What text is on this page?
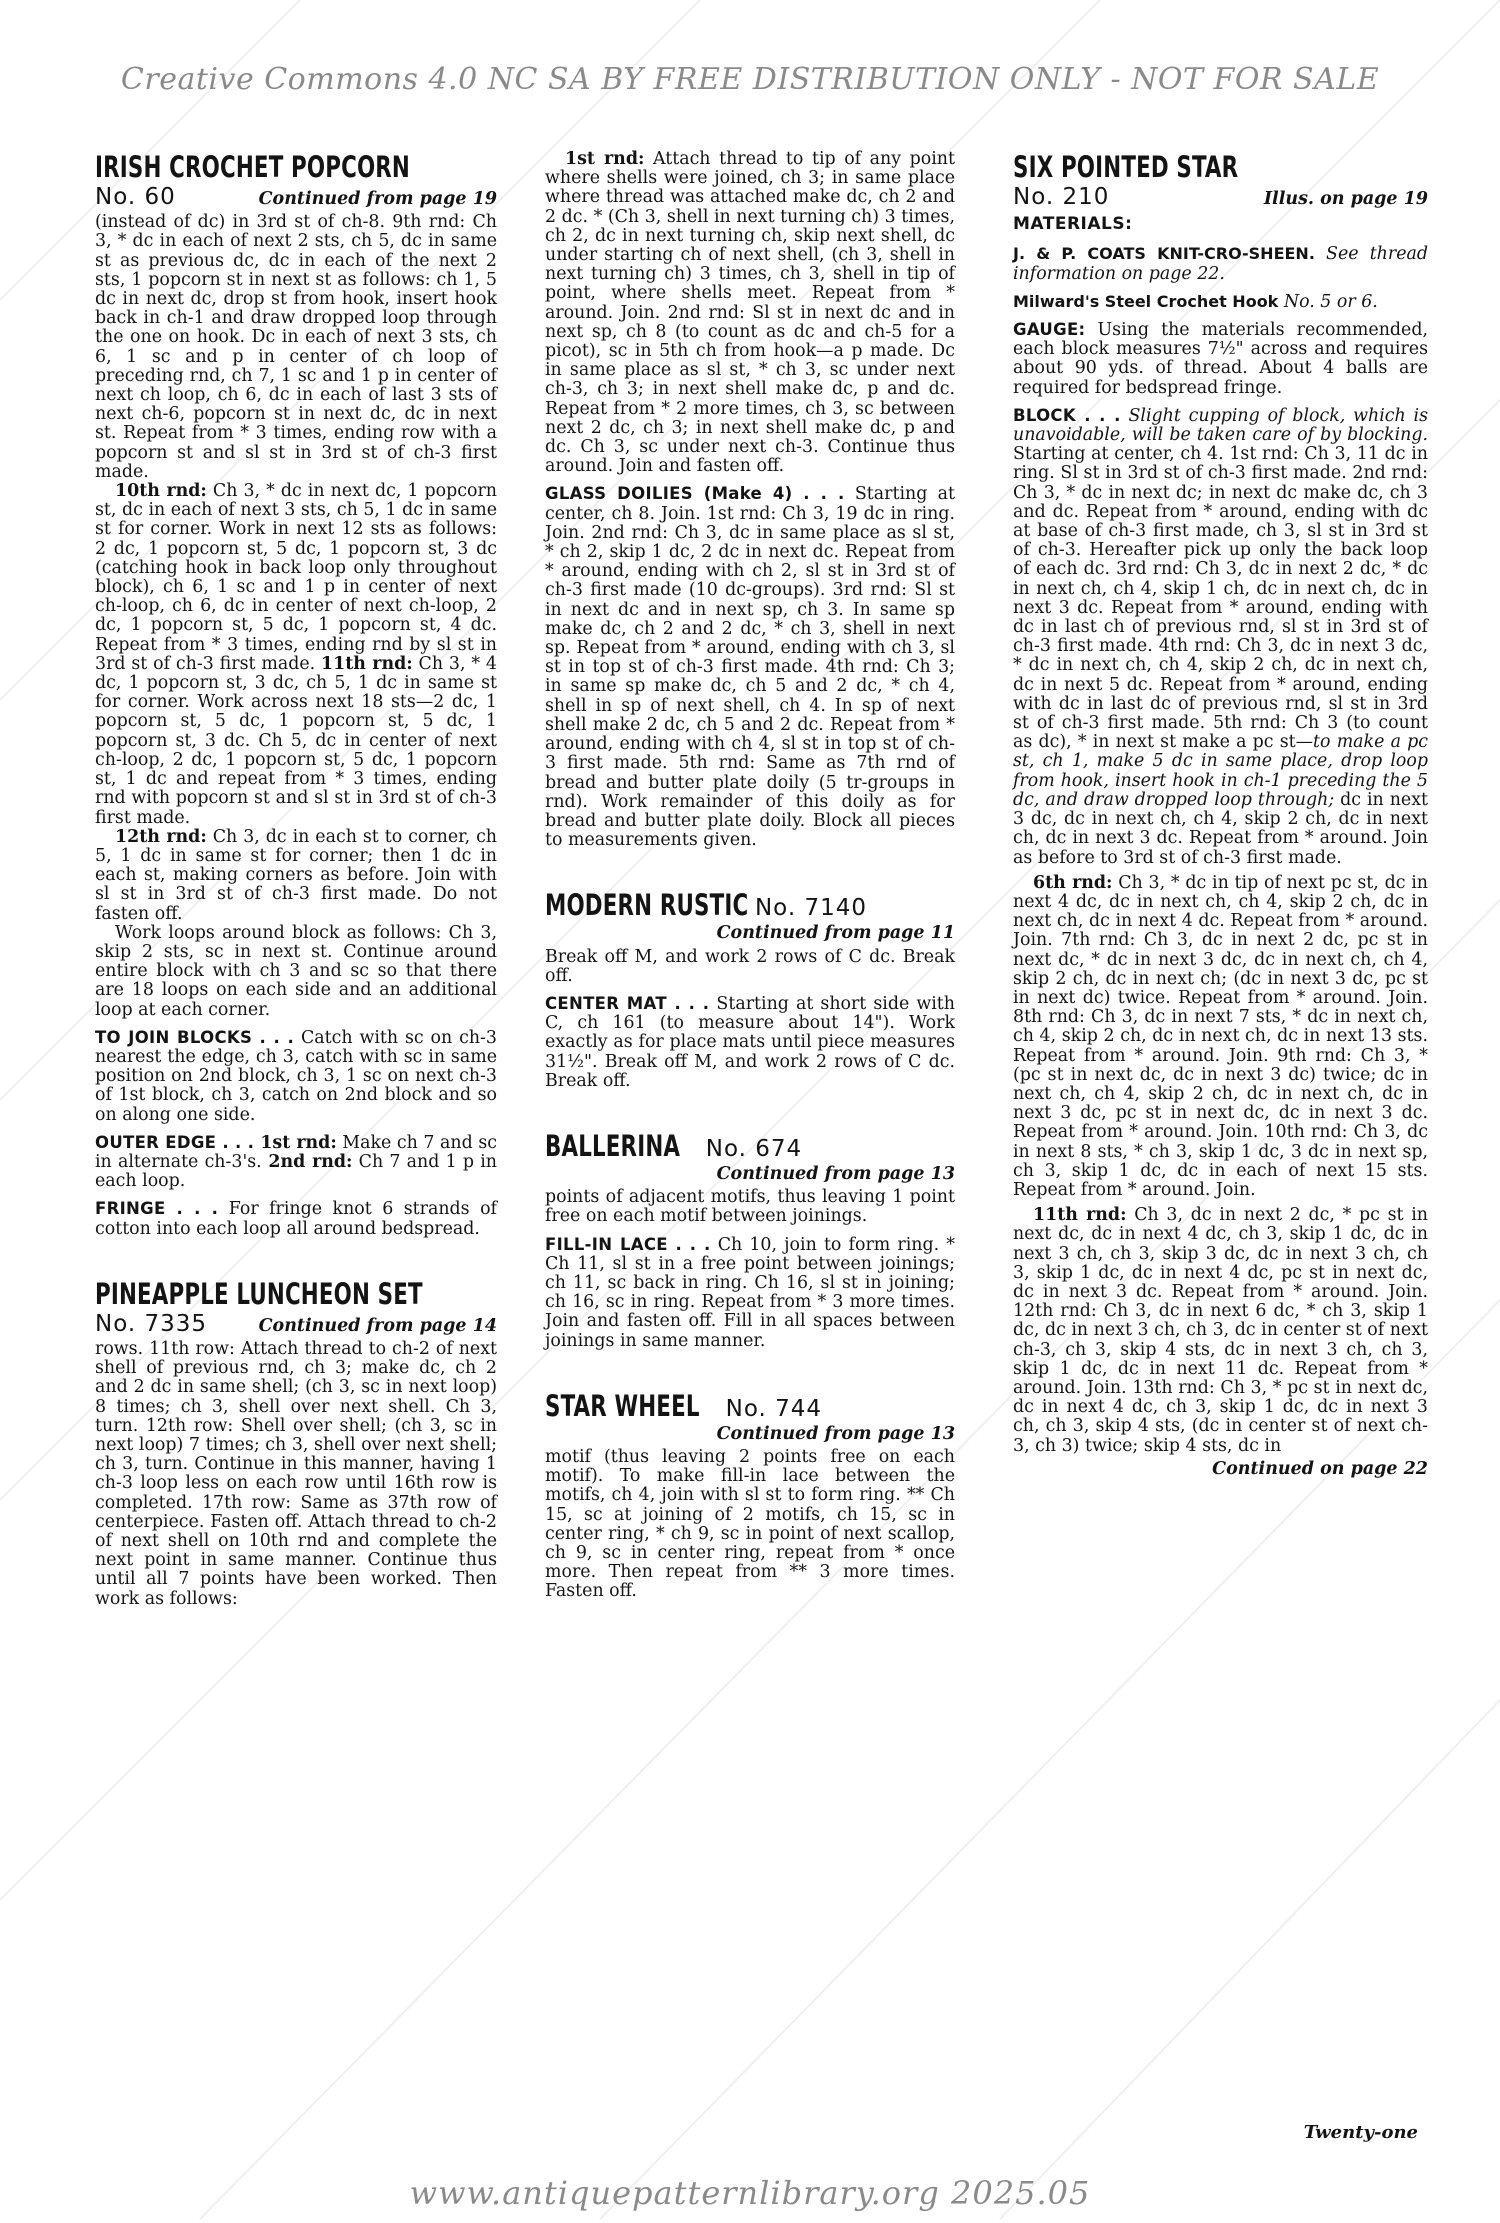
Creative Commons 4.0 NC SA BY FREE DISTRIBUTION ONLY - NOT FOR SALE
IRISH CROCHET POPCORN
No. 60	Continued from page 19

(instead of dc) in 3rd st of ch-8. 9th rnd: Ch 3, * dc in each of next 2 sts, ch 5, dc in same st as previous dc, dc in each of the next 2 sts, 1 popcorn st in next st as follows: ch 1, 5 dc in next dc, drop st from hook, insert hook back in ch-1 and draw dropped loop through the one on hook. Dc in each of next 3 sts, ch 6, 1 sc and p in center of ch loop of preceding rnd, ch 7, 1 sc and 1 p in center of next ch loop, ch 6, dc in each of last 3 sts of next ch-6, popcorn st in next dc, dc in next st. Repeat from * 3 times, ending row with a popcorn st and sl st in 3rd st of ch-3 first made.

10th rnd: Ch 3, * dc in next dc, 1 popcorn st, dc in each of next 3 sts, ch 5, 1 dc in same st for corner. Work in next 12 sts as follows: 2 dc, 1 popcorn st, 5 dc, 1 popcorn st, 3 dc (catching hook in back loop only throughout block), ch 6, 1 sc and 1 p in center of next ch-loop, ch 6, dc in center of next ch-loop, 2 dc, 1 popcorn st, 5 dc, 1 popcorn st, 4 dc. Repeat from * 3 times, ending rnd by sl st in 3rd st of ch-3 first made. 11th rnd: Ch 3, * 4 dc, 1 popcorn st, 3 dc, ch 5, 1 dc in same st for corner. Work across next 18 sts—2 dc, 1 popcorn st, 5 dc, 1 popcorn st, 5 dc, 1 popcorn st, 3 dc. Ch 5, dc in center of next ch-loop, 2 dc, 1 popcorn st, 5 dc, 1 popcorn st, 1 dc and repeat from * 3 times, ending rnd with popcorn st and sl st in 3rd st of ch-3 first made.

12th rnd: Ch 3, dc in each st to corner, ch 5, 1 dc in same st for corner; then 1 dc in each st, making corners as before. Join with sl st in 3rd st of ch-3 first made. Do not fasten off.

Work loops around block as follows: Ch 3, skip 2 sts, sc in next st. Continue around entire block with ch 3 and sc so that there are 18 loops on each side and an additional loop at each corner.

TO JOIN BLOCKS . . . Catch with sc on ch-3 nearest the edge, ch 3, catch with sc in same position on 2nd block, ch 3, 1 sc on next ch-3 of 1st block, ch 3, catch on 2nd block and so on along one side.

OUTER EDGE . . . 1st rnd: Make ch 7 and sc in alternate ch-3's. 2nd rnd: Ch 7 and 1 p in each loop.

FRINGE . . . For fringe knot 6 strands of cotton into each loop all around bedspread.

PINEAPPLE LUNCHEON SET
No. 7335	Continued from page 14

rows. 11th row: Attach thread to ch-2 of next shell of previous rnd, ch 3; make dc, ch 2 and 2 dc in same shell; (ch 3, sc in next loop) 8 times; ch 3, shell over next shell. Ch 3, turn. 12th row: Shell over shell; (ch 3, sc in next loop) 7 times; ch 3, shell over next shell; ch 3, turn. Continue in this manner, having 1 ch-3 loop less on each row until 16th row is completed. 17th row: Same as 37th row of centerpiece. Fasten off. Attach thread to ch-2 of next shell on 10th rnd and complete the next point in same manner. Continue thus until all 7 points have been worked. Then work as follows:

1st rnd: Attach thread to tip of any point where shells were joined, ch 3; in same place where thread was attached make dc, ch 2 and 2 dc. * (Ch 3, shell in next turning ch) 3 times, ch 2, dc in next turning ch, skip next shell, dc under starting ch of next shell, (ch 3, shell in next turning ch) 3 times, ch 3, shell in tip of point, where shells meet. Repeat from * around. Join. 2nd rnd: Sl st in next dc and in next sp, ch 8 (to count as dc and ch-5 for a picot), sc in 5th ch from hook—a p made. Dc in same place as sl st, * ch 3, sc under next ch-3, ch 3; in next shell make dc, p and dc. Repeat from * 2 more times, ch 3, sc between next 2 dc, ch 3; in next shell make dc, p and dc. Ch 3, sc under next ch-3. Continue thus around. Join and fasten off.

GLASS DOILIES (Make 4) . . . Starting at center, ch 8. Join. 1st rnd: Ch 3, 19 dc in ring. Join. 2nd rnd: Ch 3, dc in same place as sl st, * ch 2, skip 1 dc, 2 dc in next dc. Repeat from * around, ending with ch 2, sl st in 3rd st of ch-3 first made (10 dc-groups). 3rd rnd: Sl st in next dc and in next sp, ch 3. In same sp make dc, ch 2 and 2 dc, * ch 3, shell in next sp. Repeat from * around, ending with ch 3, sl st in top st of ch-3 first made. 4th rnd: Ch 3; in same sp make dc, ch 5 and 2 dc, * ch 4, shell in sp of next shell, ch 4. In sp of next shell make 2 dc, ch 5 and 2 dc. Repeat from * around, ending with ch 4, sl st in top st of ch-3 first made. 5th rnd: Same as 7th rnd of bread and butter plate doily (5 tr-groups in rnd). Work remainder of this doily as for bread and butter plate doily. Block all pieces to measurements given.

MODERN RUSTIC No. 7140
Continued from page 11

Break off M, and work 2 rows of C dc. Break off.

CENTER MAT . . . Starting at short side with C, ch 161 (to measure about 14"). Work exactly as for place mats until piece measures 31½". Break off M, and work 2 rows of C dc. Break off.

BALLERINA No. 674
Continued from page 13

points of adjacent motifs, thus leaving 1 point free on each motif between joinings.

FILL-IN LACE . . . Ch 10, join to form ring. * Ch 11, sl st in a free point between joinings; ch 11, sc back in ring. Ch 16, sl st in joining; ch 16, sc in ring. Repeat from * 3 more times. Join and fasten off. Fill in all spaces between joinings in same manner.

STAR WHEEL No. 744
Continued from page 13

motif (thus leaving 2 points free on each motif). To make fill-in lace between the motifs, ch 4, join with sl st to form ring. ** Ch 15, sc at joining of 2 motifs, ch 15, sc in center ring, * ch 9, sc in point of next scallop, ch 9, sc in center ring, repeat from * once more. Then repeat from ** 3 more times. Fasten off.

SIX POINTED STAR
No. 210	Illus. on page 19
MATERIALS:

J. & P. COATS KNIT-CRO-SHEEN. See thread information on page 22.

Milward's Steel Crochet Hook No. 5 or 6.

GAUGE: Using the materials recommended, each block measures 7½" across and requires about 90 yds. of thread. About 4 balls are required for bedspread fringe.

BLOCK . . . Slight cupping of block, which is unavoidable, will be taken care of by blocking. Starting at center, ch 4. 1st rnd: Ch 3, 11 dc in ring. Sl st in 3rd st of ch-3 first made. 2nd rnd: Ch 3, * dc in next dc; in next dc make dc, ch 3 and dc. Repeat from * around, ending with dc at base of ch-3 first made, ch 3, sl st in 3rd st of ch-3. Hereafter pick up only the back loop of each dc. 3rd rnd: Ch 3, dc in next 2 dc, * dc in next ch, ch 4, skip 1 ch, dc in next ch, dc in next 3 dc. Repeat from * around, ending with dc in last ch of previous rnd, sl st in 3rd st of ch-3 first made. 4th rnd: Ch 3, dc in next 3 dc, * dc in next ch, ch 4, skip 2 ch, dc in next ch, dc in next 5 dc. Repeat from * around, ending with dc in last dc of previous rnd, sl st in 3rd st of ch-3 first made. 5th rnd: Ch 3 (to count as dc), * in next st make a pc st—to make a pc st, ch 1, make 5 dc in same place, drop loop from hook, insert hook in ch-1 preceding the 5 dc, and draw dropped loop through; dc in next 3 dc, dc in next ch, ch 4, skip 2 ch, dc in next ch, dc in next 3 dc. Repeat from * around. Join as before to 3rd st of ch-3 first made.

6th rnd: Ch 3, * dc in tip of next pc st, dc in next 4 dc, dc in next ch, ch 4, skip 2 ch, dc in next ch, dc in next 4 dc. Repeat from * around. Join. 7th rnd: Ch 3, dc in next 2 dc, pc st in next dc, * dc in next 3 dc, dc in next ch, ch 4, skip 2 ch, dc in next ch; (dc in next 3 dc, pc st in next dc) twice. Repeat from * around. Join. 8th rnd: Ch 3, dc in next 7 sts, * dc in next ch, ch 4, skip 2 ch, dc in next ch, dc in next 13 sts. Repeat from * around. Join. 9th rnd: Ch 3, * (pc st in next dc, dc in next 3 dc) twice; dc in next ch, ch 4, skip 2 ch, dc in next ch, dc in next 3 dc, pc st in next dc, dc in next 3 dc. Repeat from * around. Join. 10th rnd: Ch 3, dc in next 8 sts, * ch 3, skip 1 dc, 3 dc in next sp, ch 3, skip 1 dc, dc in each of next 15 sts. Repeat from * around. Join.

11th rnd: Ch 3, dc in next 2 dc, * pc st in next dc, dc in next 4 dc, ch 3, skip 1 dc, dc in next 3 ch, ch 3, skip 3 dc, dc in next 3 ch, ch 3, skip 1 dc, dc in next 4 dc, pc st in next dc, dc in next 3 dc. Repeat from * around. Join. 12th rnd: Ch 3, dc in next 6 dc, * ch 3, skip 1 dc, dc in next 3 ch, ch 3, dc in center st of next ch-3, ch 3, skip 4 sts, dc in next 3 ch, ch 3, skip 1 dc, dc in next 11 dc. Repeat from * around. Join. 13th rnd: Ch 3, * pc st in next dc, dc in next 4 dc, ch 3, skip 1 dc, dc in next 3 ch, ch 3, skip 4 sts, (dc in center st of next ch-3, ch 3) twice; skip 4 sts, dc in

Continued on page 22
Twenty-one
www.antiquepatternlibrary.org 2025.05
